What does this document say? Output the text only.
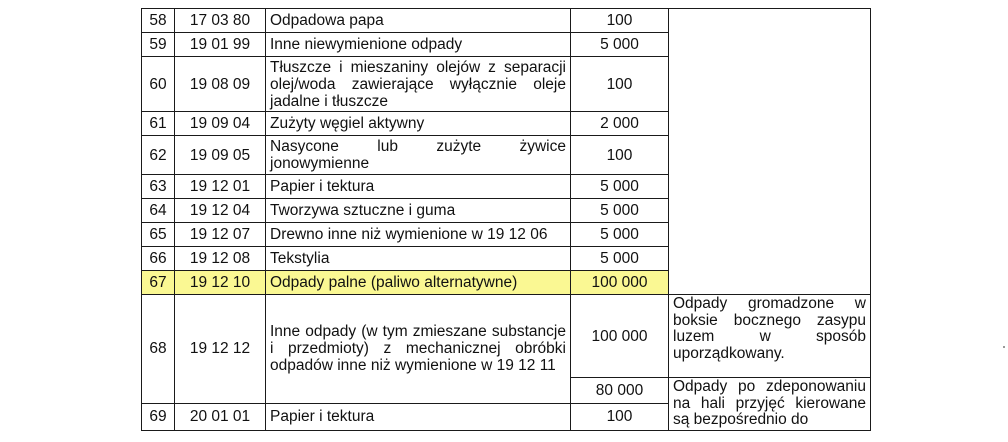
58	17 03 80	Odpadowa papa	100	
59	19 01 99	Inne niewymienione odpady	5 000	
60	19 08 09	Tłuszcze i mieszaniny olejów z separacji olej/woda zawierające wyłącznie oleje jadalne i tłuszcze	100	
61	19 09 04	Zużyty węgiel aktywny	2 000	
62	19 09 05	Nasycone lub zużyte żywice jonowymienne	100	
63	19 12 01	Papier i tektura	5 000	
64	19 12 04	Tworzywa sztuczne i guma	5 000	
65	19 12 07	Drewno inne niż wymienione w 19 12 06	5 000	
66	19 12 08	Tekstylia	5 000	
67	19 12 10	Odpady palne (paliwo alternatywne)	100 000	
68	19 12 12	Inne odpady (w tym zmieszane substancje i przedmioty) z mechanicznej obróbki odpadów inne niż wymienione w 19 12 11	100 000	Odpady gromadzone w boksie bocznego zasypu luzem w sposób uporządkowany.
			80 000	Odpady po zdeponowaniu na hali przyjęć kierowane są bezpośrednio do
69	20 01 01	Papier i tektura	100	
